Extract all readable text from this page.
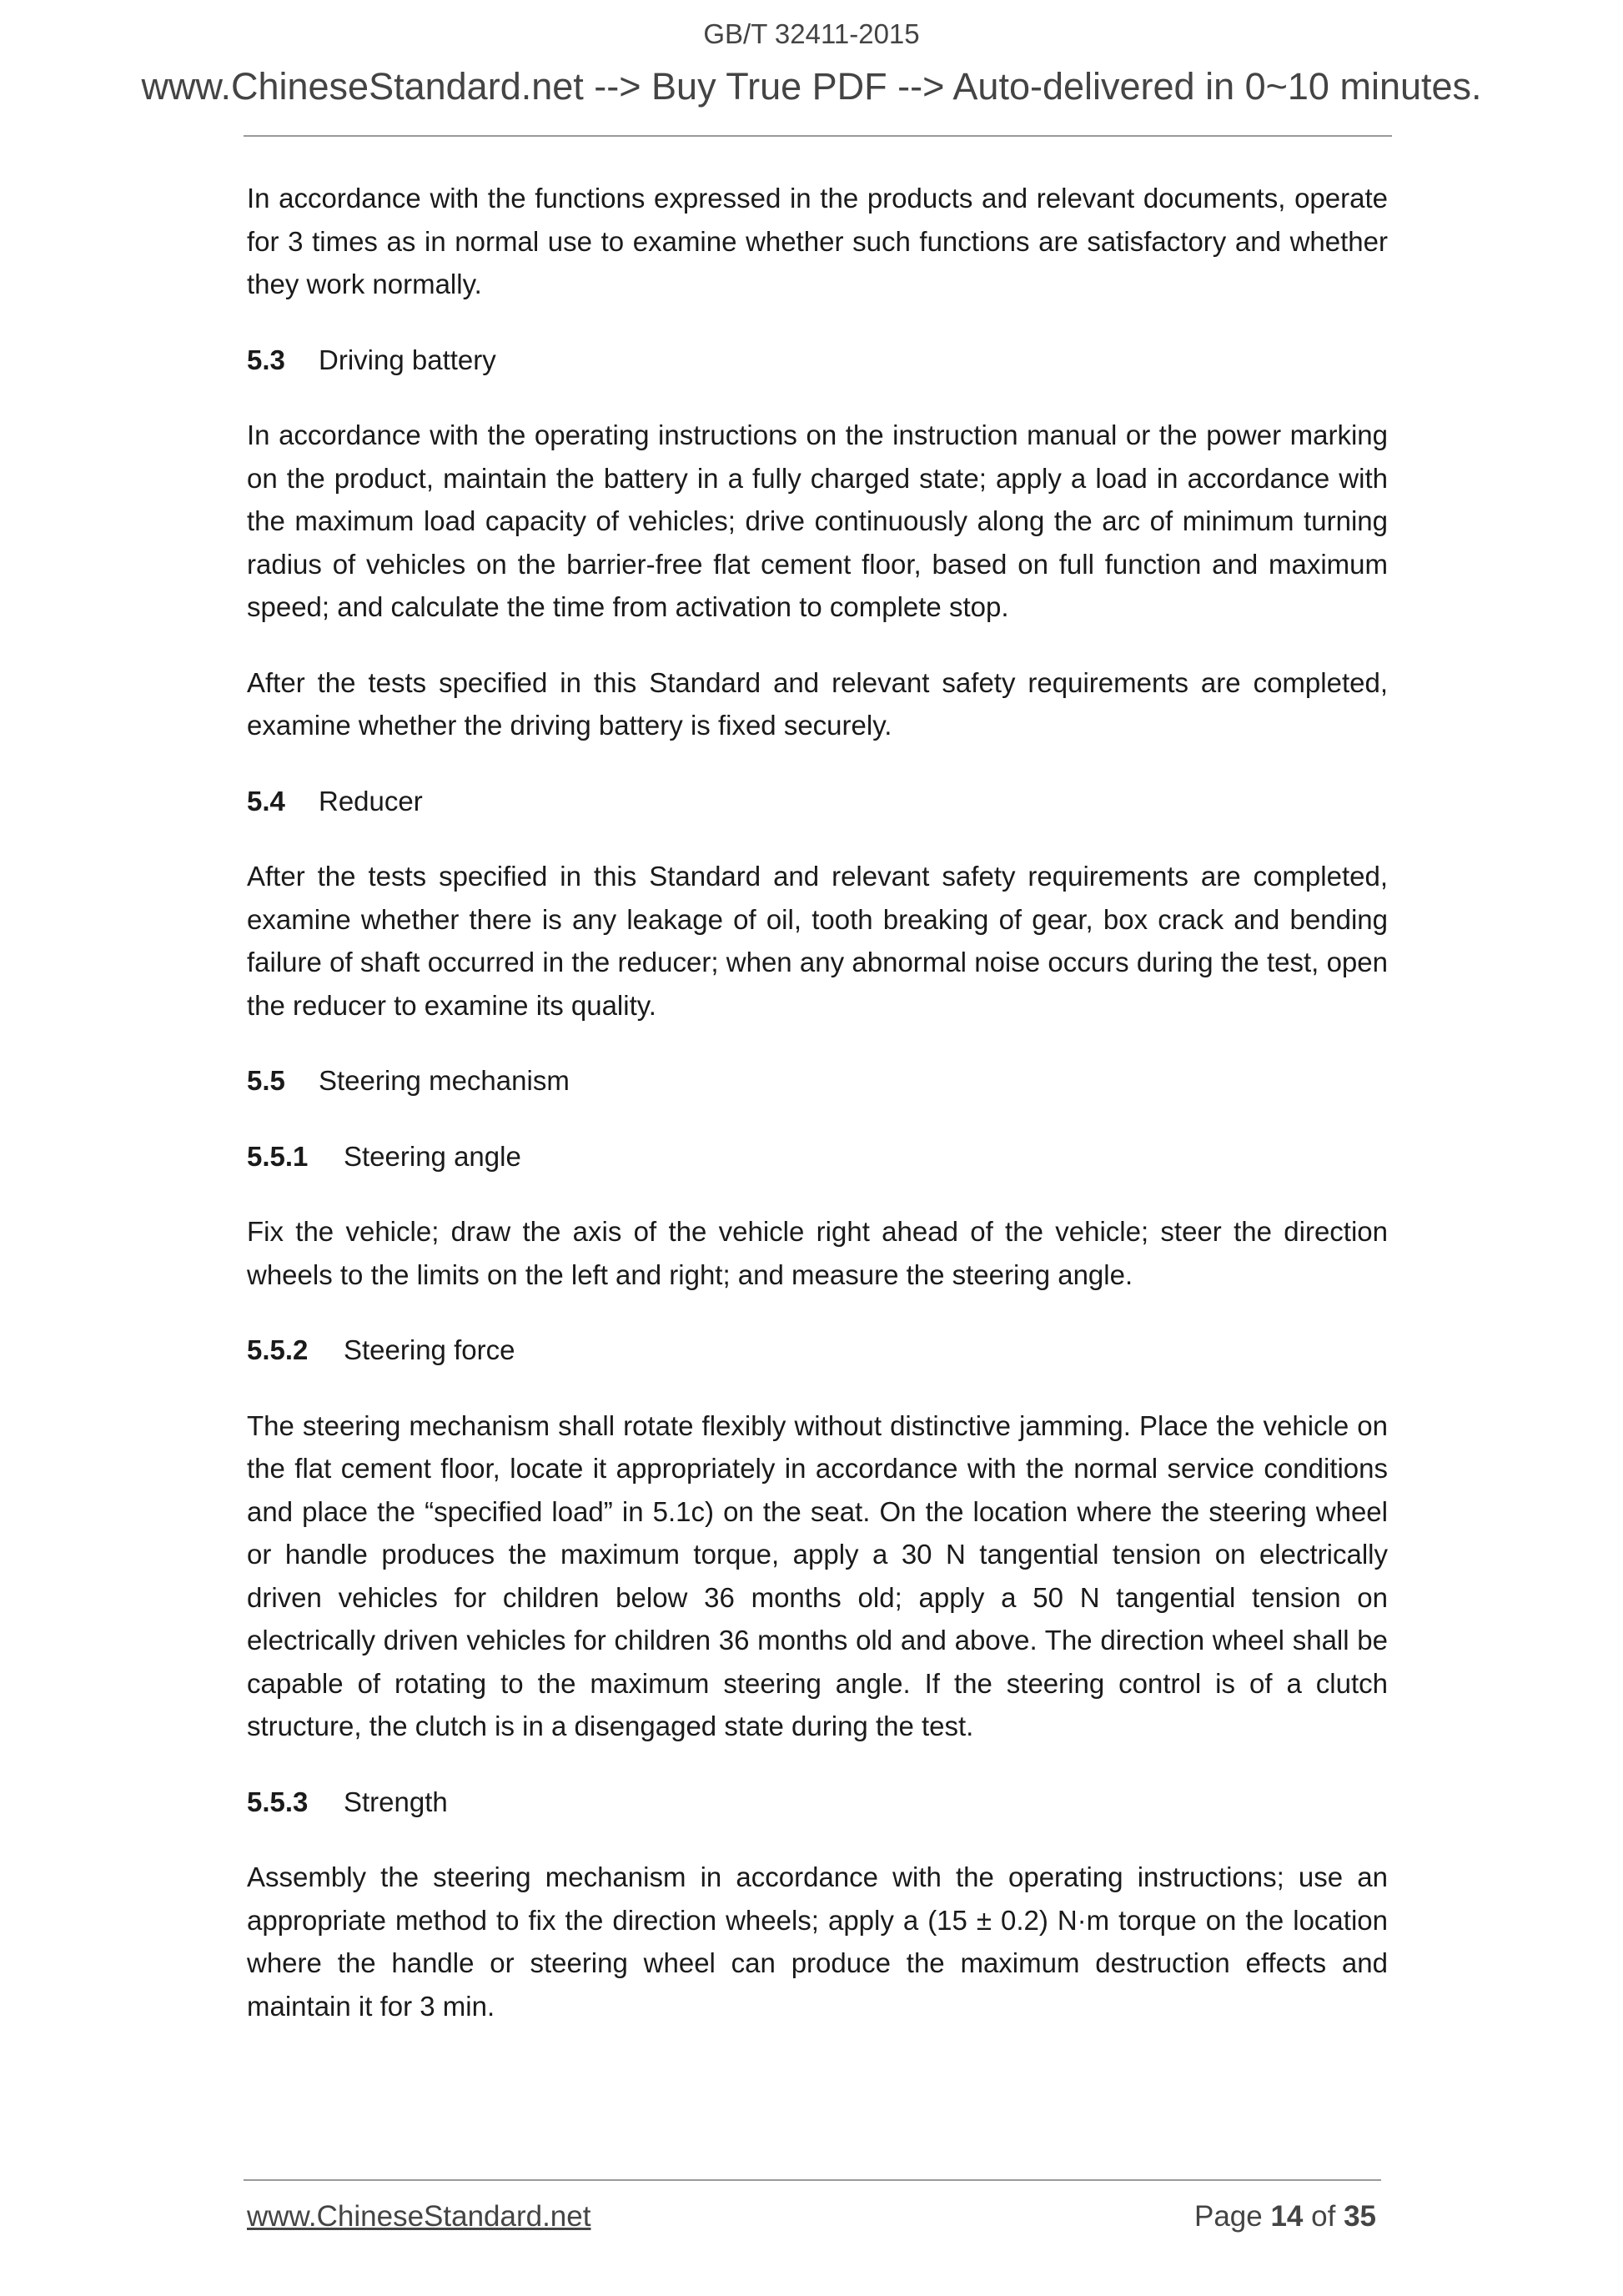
GB/T 32411-2015
www.ChineseStandard.net --> Buy True PDF --> Auto-delivered in 0~10 minutes.

In accordance with the functions expressed in the products and relevant documents, operate for 3 times as in normal use to examine whether such functions are satisfactory and whether they work normally.

5.3 Driving battery

In accordance with the operating instructions on the instruction manual or the power marking on the product, maintain the battery in a fully charged state; apply a load in accordance with the maximum load capacity of vehicles; drive continuously along the arc of minimum turning radius of vehicles on the barrier-free flat cement floor, based on full function and maximum speed; and calculate the time from activation to complete stop.

After the tests specified in this Standard and relevant safety requirements are completed, examine whether the driving battery is fixed securely.

5.4 Reducer

After the tests specified in this Standard and relevant safety requirements are completed, examine whether there is any leakage of oil, tooth breaking of gear, box crack and bending failure of shaft occurred in the reducer; when any abnormal noise occurs during the test, open the reducer to examine its quality.

5.5 Steering mechanism
5.5.1 Steering angle

Fix the vehicle; draw the axis of the vehicle right ahead of the vehicle; steer the direction wheels to the limits on the left and right; and measure the steering angle.

5.5.2 Steering force

The steering mechanism shall rotate flexibly without distinctive jamming. Place the vehicle on the flat cement floor, locate it appropriately in accordance with the normal service conditions and place the “specified load” in 5.1c) on the seat. On the location where the steering wheel or handle produces the maximum torque, apply a 30 N tangential tension on electrically driven vehicles for children below 36 months old; apply a 50 N tangential tension on electrically driven vehicles for children 36 months old and above. The direction wheel shall be capable of rotating to the maximum steering angle. If the steering control is of a clutch structure, the clutch is in a disengaged state during the test.

5.5.3 Strength

Assembly the steering mechanism in accordance with the operating instructions; use an appropriate method to fix the direction wheels; apply a (15 ± 0.2) N·m torque on the location where the handle or steering wheel can produce the maximum destruction effects and maintain it for 3 min.

www.ChineseStandard.net	Page 14 of 35
